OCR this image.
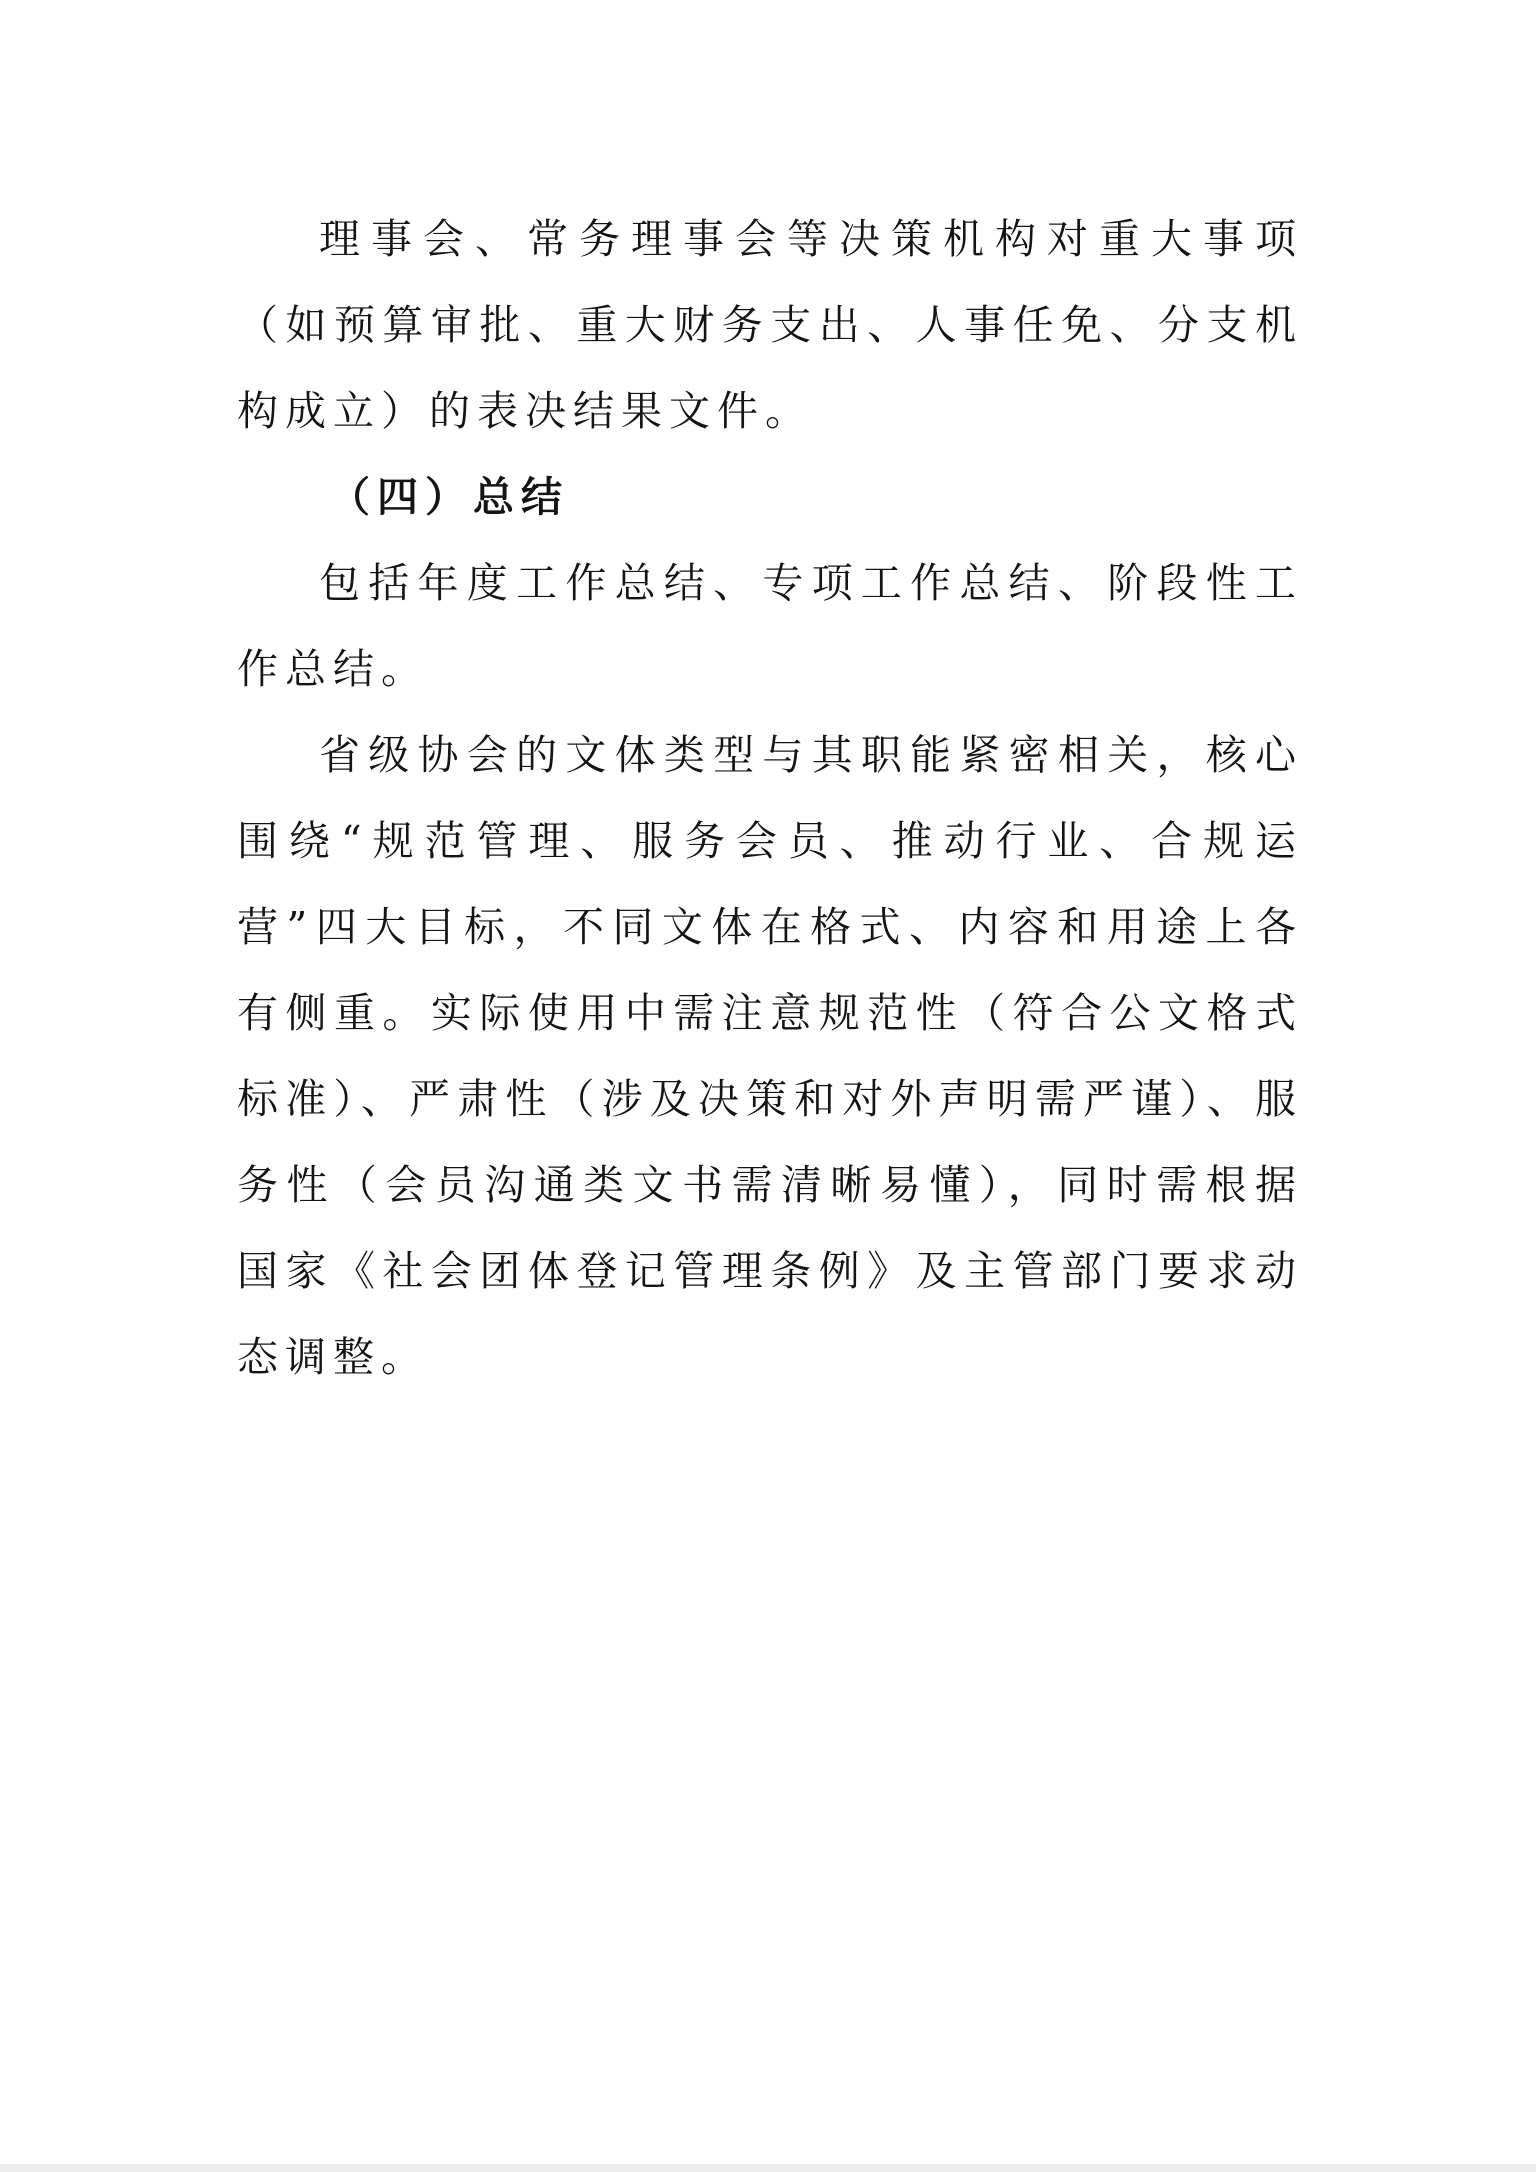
理事会、常务理事会等决策机构对重大事项（如预算审批、重大财务支出、人事任免、分支机构成立）的表决结果文件。

（四）总结

包括年度工作总结、专项工作总结、阶段性工作总结。

省级协会的文体类型与其职能紧密相关，核心围绕“规范管理、服务会员、推动行业、合规运营”四大目标，不同文体在格式、内容和用途上各有侧重。实际使用中需注意规范性（符合公文格式标准）、严肃性（涉及决策和对外声明需严谨）、服务性（会员沟通类文书需清晰易懂），同时需根据国家《社会团体登记管理条例》及主管部门要求动态调整。
